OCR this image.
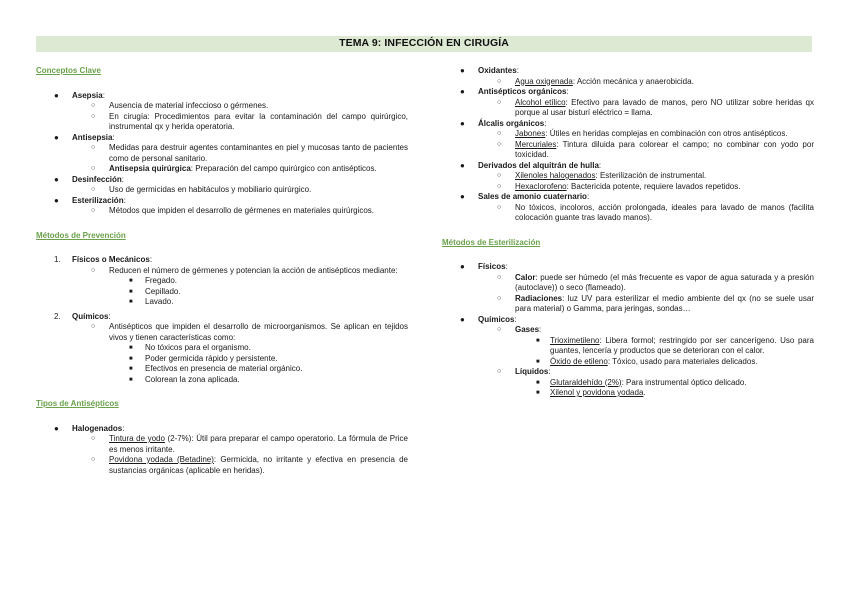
TEMA 9: INFECCIÓN EN CIRUGÍA
Conceptos Clave
● Asepsia:
○ Ausencia de material infeccioso o gérmenes.
○ En cirugía: Procedimientos para evitar la contaminación del campo quirúrgico, instrumental qx y herida operatoria.
● Antisepsia:
○ Medidas para destruir agentes contaminantes en piel y mucosas tanto de pacientes como de personal sanitario.
○ Antisepsia quirúrgica: Preparación del campo quirúrgico con antisépticos.
● Desinfección:
○ Uso de germicidas en habitáculos y mobiliario quirúrgico.
● Esterilización:
○ Métodos que impiden el desarrollo de gérmenes en materiales quirúrgicos.
Métodos de Prevención
1. Físicos o Mecánicos:
○ Reducen el número de gérmenes y potencian la acción de antisépticos mediante:
■ Fregado.
■ Cepillado.
■ Lavado.
2. Químicos:
○ Antisépticos que impiden el desarrollo de microorganismos. Se aplican en tejidos vivos y tienen características como:
■ No tóxicos para el organismo.
■ Poder germicida rápido y persistente.
■ Efectivos en presencia de material orgánico.
■ Colorean la zona aplicada.
Tipos de Antisépticos
● Halogenados:
○ Tintura de yodo (2-7%): Útil para preparar el campo operatorio. La fórmula de Price es menos irritante.
○ Povidona yodada (Betadine): Germicida, no irritante y efectiva en presencia de sustancias orgánicas (aplicable en heridas).
● Oxidantes:
○ Agua oxigenada: Acción mecánica y anaerobicida.
● Antisépticos orgánicos:
○ Alcohol etílico: Efectivo para lavado de manos, pero NO utilizar sobre heridas qx porque al usar bisturí eléctrico = llama.
● Álcalis orgánicos:
○ Jabones: Útiles en heridas complejas en combinación con otros antisépticos.
○ Mercuriales: Tintura diluida para colorear el campo; no combinar con yodo por toxicidad.
● Derivados del alquitrán de hulla:
○ Xilenoles halogenados: Esterilización de instrumental.
○ Hexaclorofeno: Bactericida potente, requiere lavados repetidos.
● Sales de amonio cuaternario:
○ No tóxicos, incoloros, acción prolongada, ideales para lavado de manos (facilita colocación guante tras lavado manos).
Métodos de Esterilización
● Físicos:
○ Calor: puede ser húmedo (el más frecuente es vapor de agua saturada y a presión (autoclave)) o seco (flameado).
○ Radiaciones: luz UV para esterilizar el medio ambiente del qx (no se suele usar para material) o Gamma, para jeringas, sondas…
● Químicos:
○ Gases:
■ Trioximetileno: Libera formol; restringido por ser cancerígeno. Uso para guantes, lencería y productos que se deterioran con el calor.
■ Óxido de etileno: Tóxico, usado para materiales delicados.
○ Líquidos:
■ Glutaraldehído (2%): Para instrumental óptico delicado.
■ Xilenol y povidona yodada.
